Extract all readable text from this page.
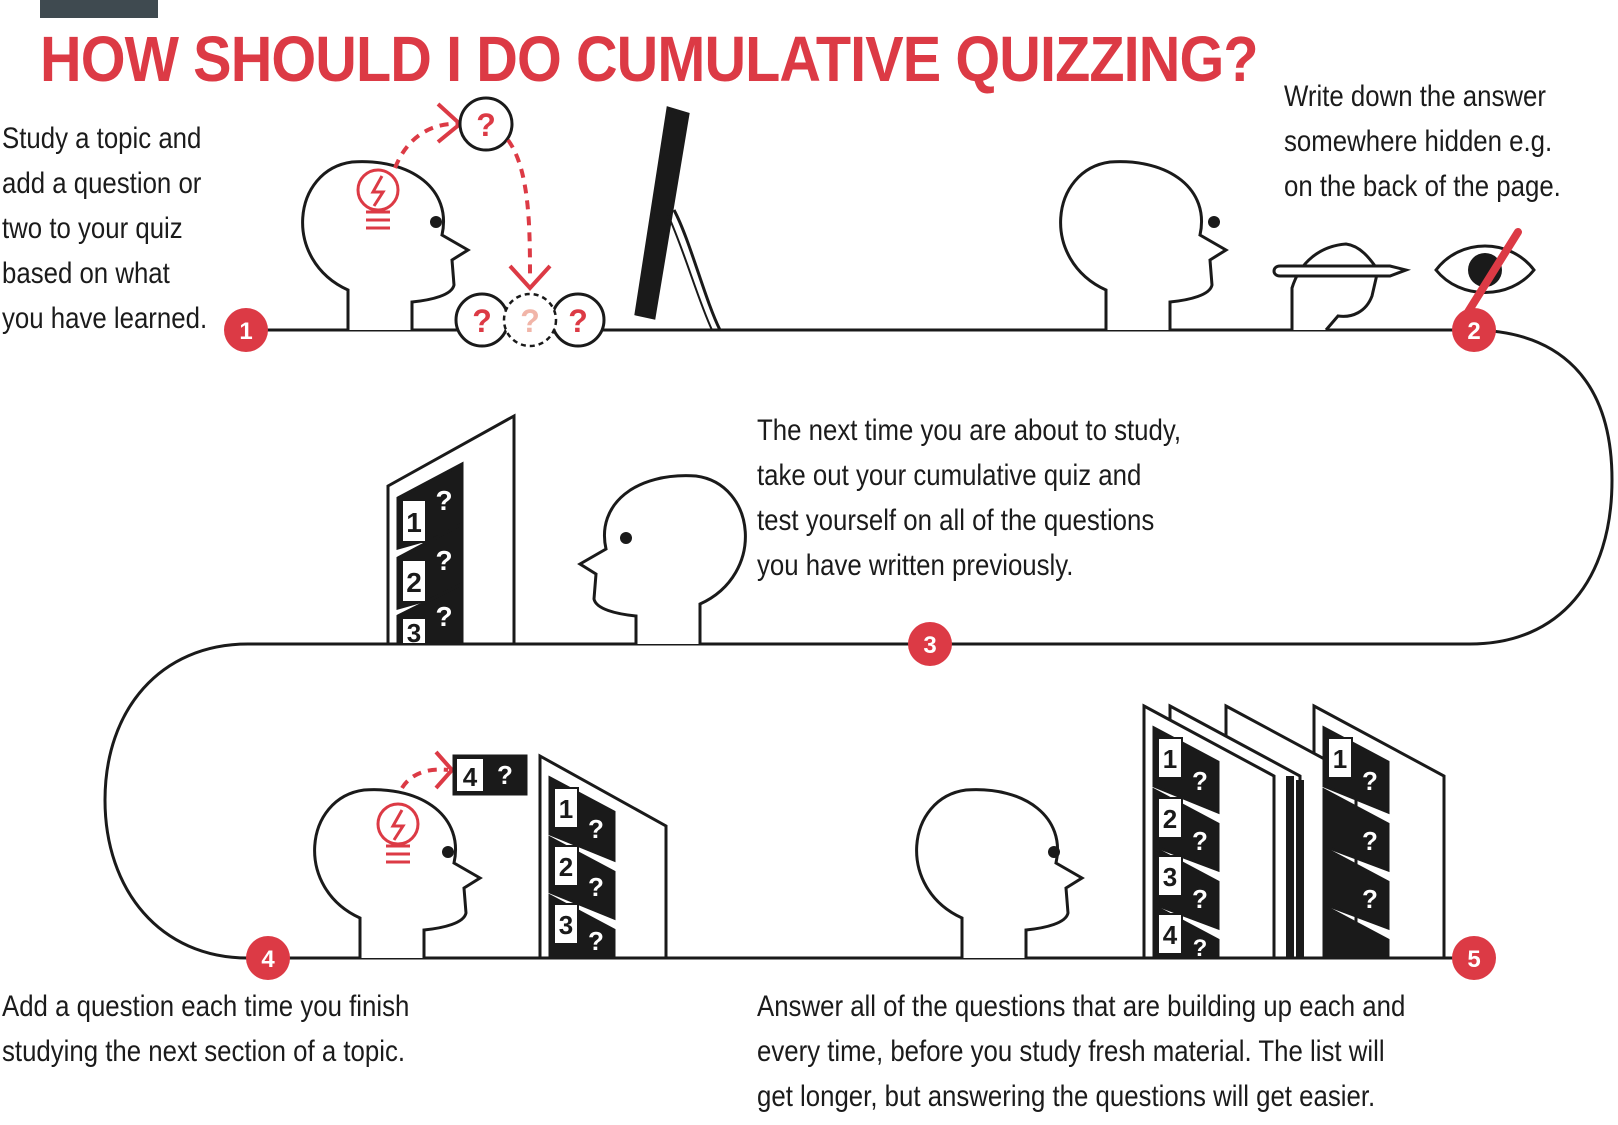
HOW SHOULD I DO CUMULATIVE QUIZZING?
Study a topic and
add a question or
two to your quiz
based on what
you have learned.
Write down the answer
somewhere hidden e.g.
on the back of the page.
The next time you are about to study,
take out your cumulative quiz and
test yourself on all of the questions
you have written previously.
Add a question each time you finish
studying the next section of a topic.
Answer all of the questions that are building up each and
every time, before you study fresh material. The list will
get longer, but answering the questions will get easier.
?
? ?
?
1
?
2
?
3
?
4 ?
1
?
2
?
3
?
1
?
2
?
3
?
4 ?
1
?
?
?
1	2
3
4	5
